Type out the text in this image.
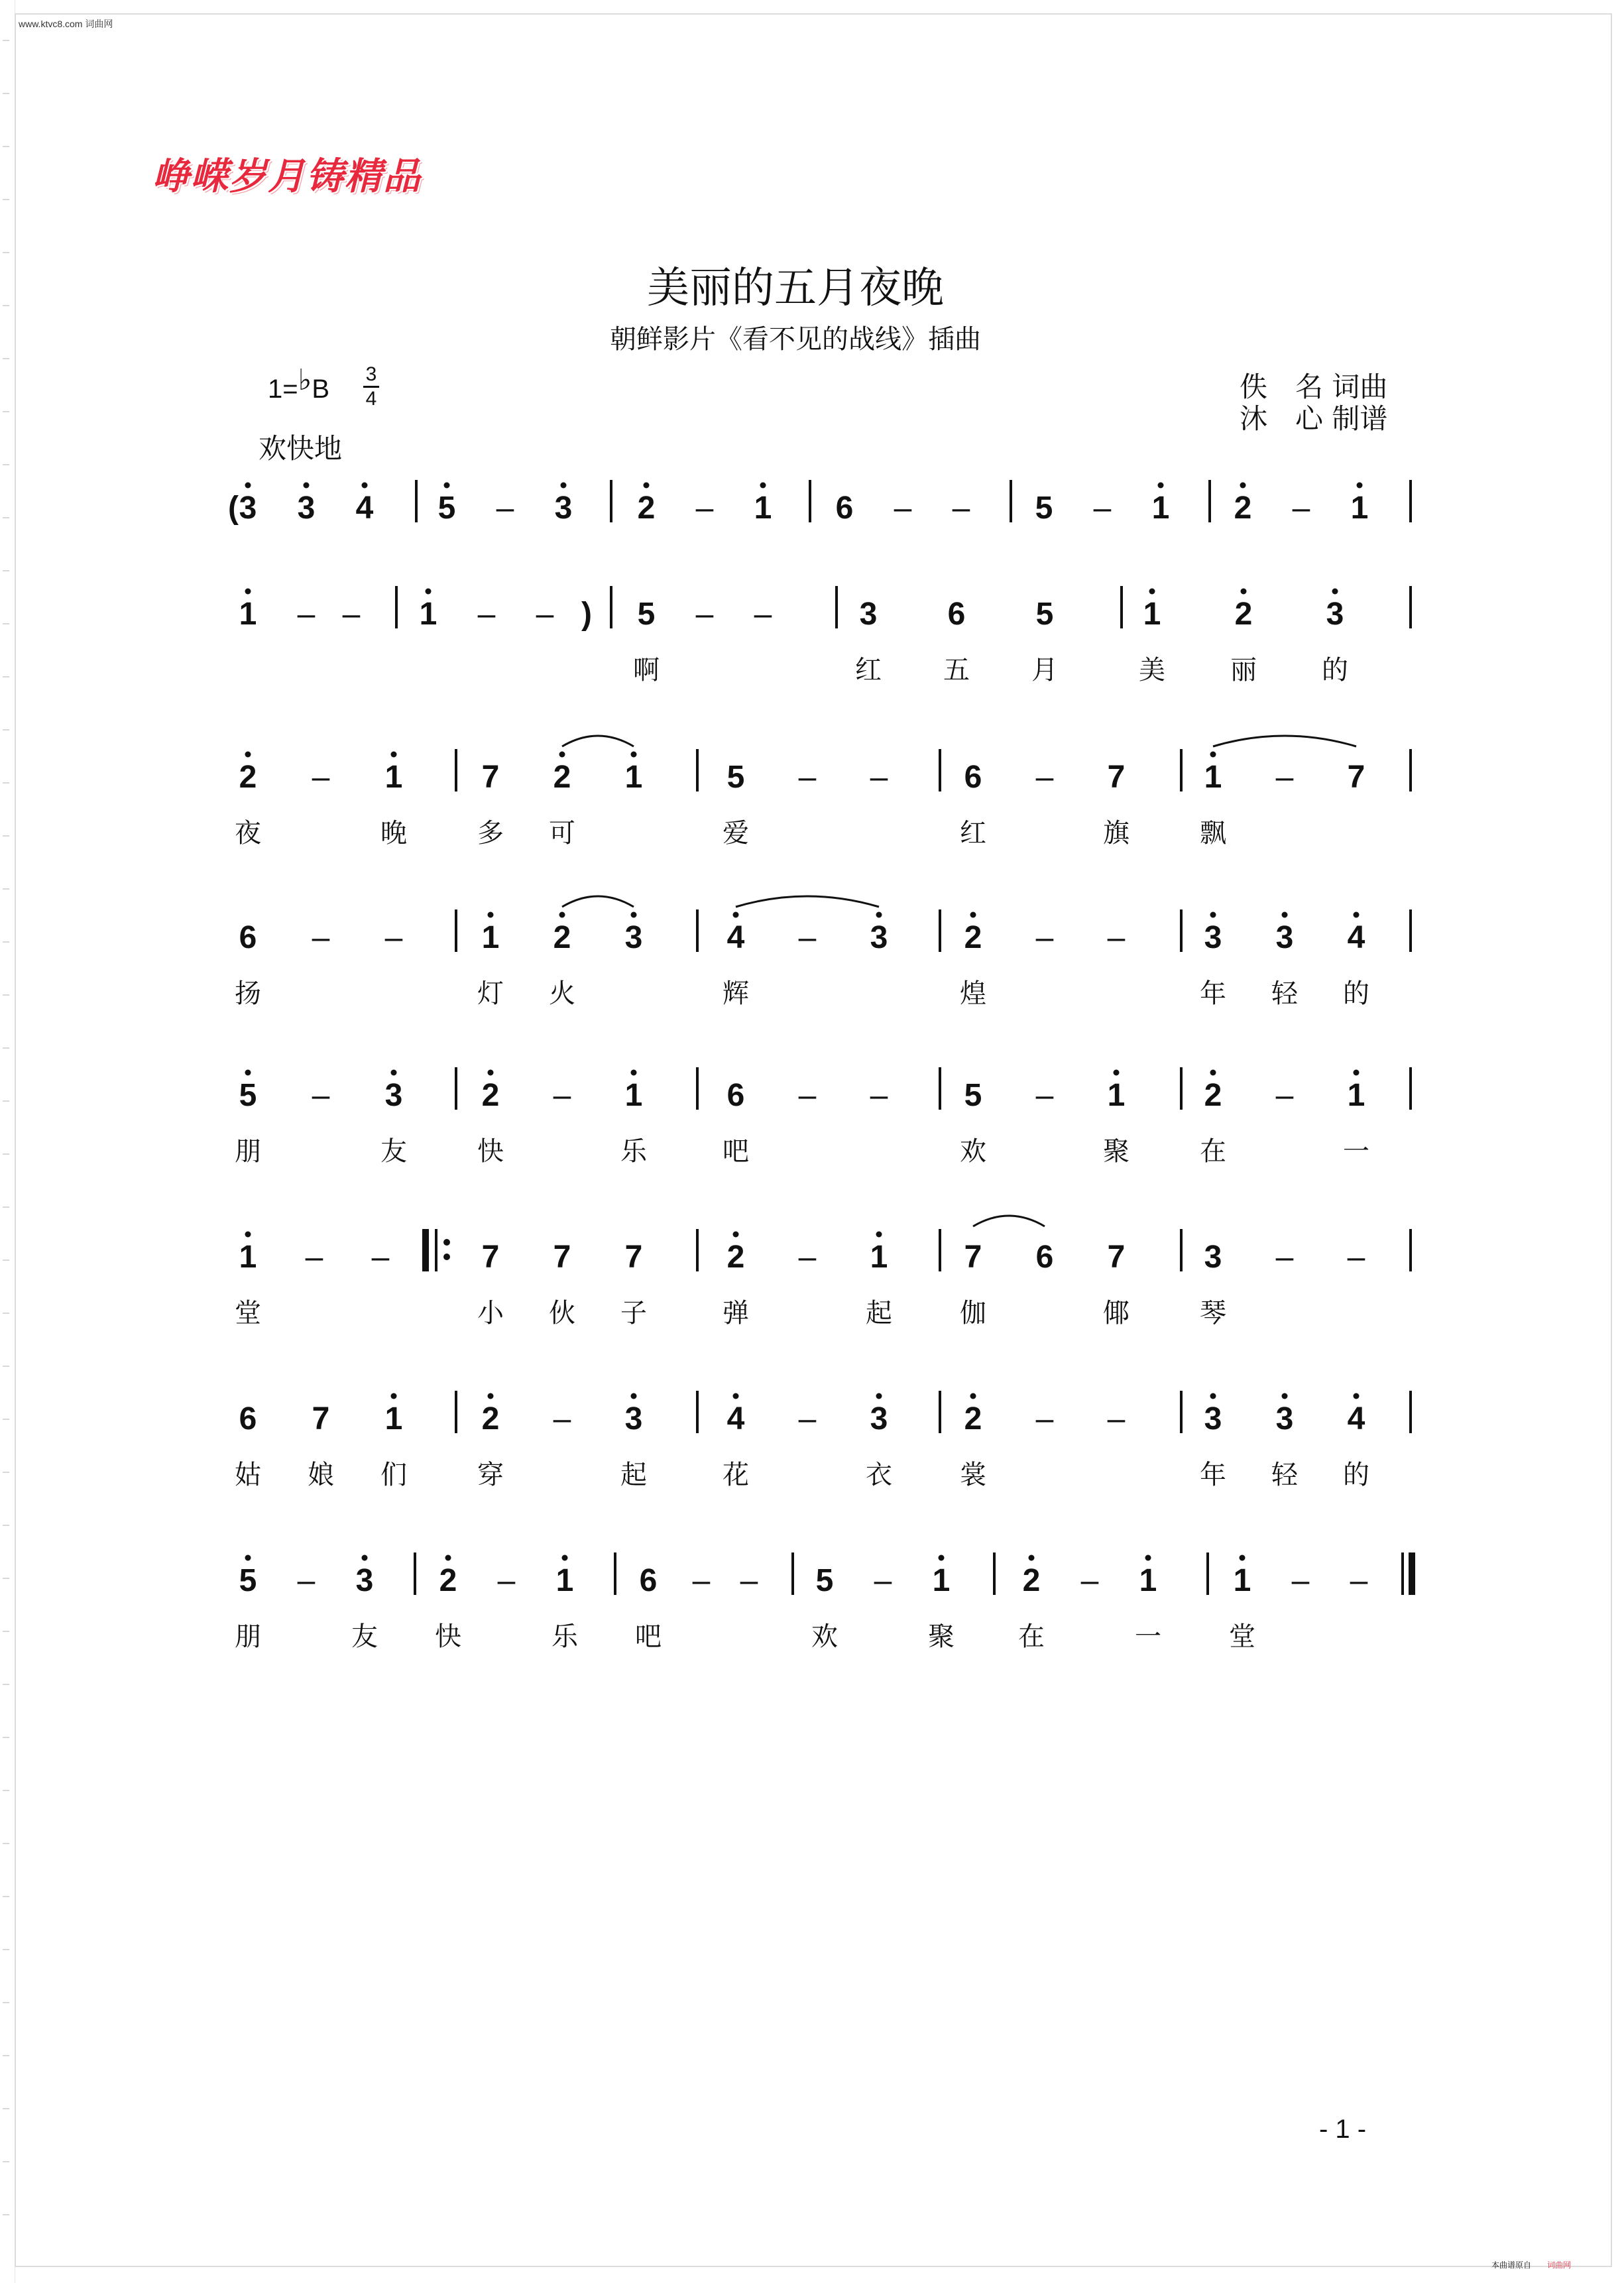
www.ktvc8.com 词曲网
峥嵘岁月铸精品
美丽的五月夜晚
朝鲜影片《看不见的战线》插曲
1=♭B
3
4
欢快地
佚　名 词曲
沐　心 制谱
( 3 3 4 5 – 3 2 – 1 6 – – 5 – 1 2 – 1
1 – – 1 – – ) 5 – –	3 6 5	1 2 3
啊	红 五 月	美 丽 的
2 – 1 7 2 1	5 – – 6 – 7 1 – 7
夜	晚	多 可	爱	红	旗	飘
6 – – 1 2 3	4 – 3 2 – – 3 3 4
扬	灯 火	辉	煌	年 轻 的
5 – 3 2 – 1	6 – – 5 – 1 2 – 1
朋	友	快	乐	吧	欢	聚	在	一
1 – –	7 7 7	2 – 1 7 6 7 3 – –
堂	小 伙 子	弹	起	伽	倻	琴
6 7 1 2 – 3	4 – 3 2 – – 3 3 4
姑 娘 们	穿	起	花	衣	裳	年 轻 的
5 – 3 2 – 1 6 – – 5 – 1 2 – 1 1 – –
朋	友 快	乐 吧	欢	聚 在	一	堂
- 1 -
本曲谱原自 词曲网
